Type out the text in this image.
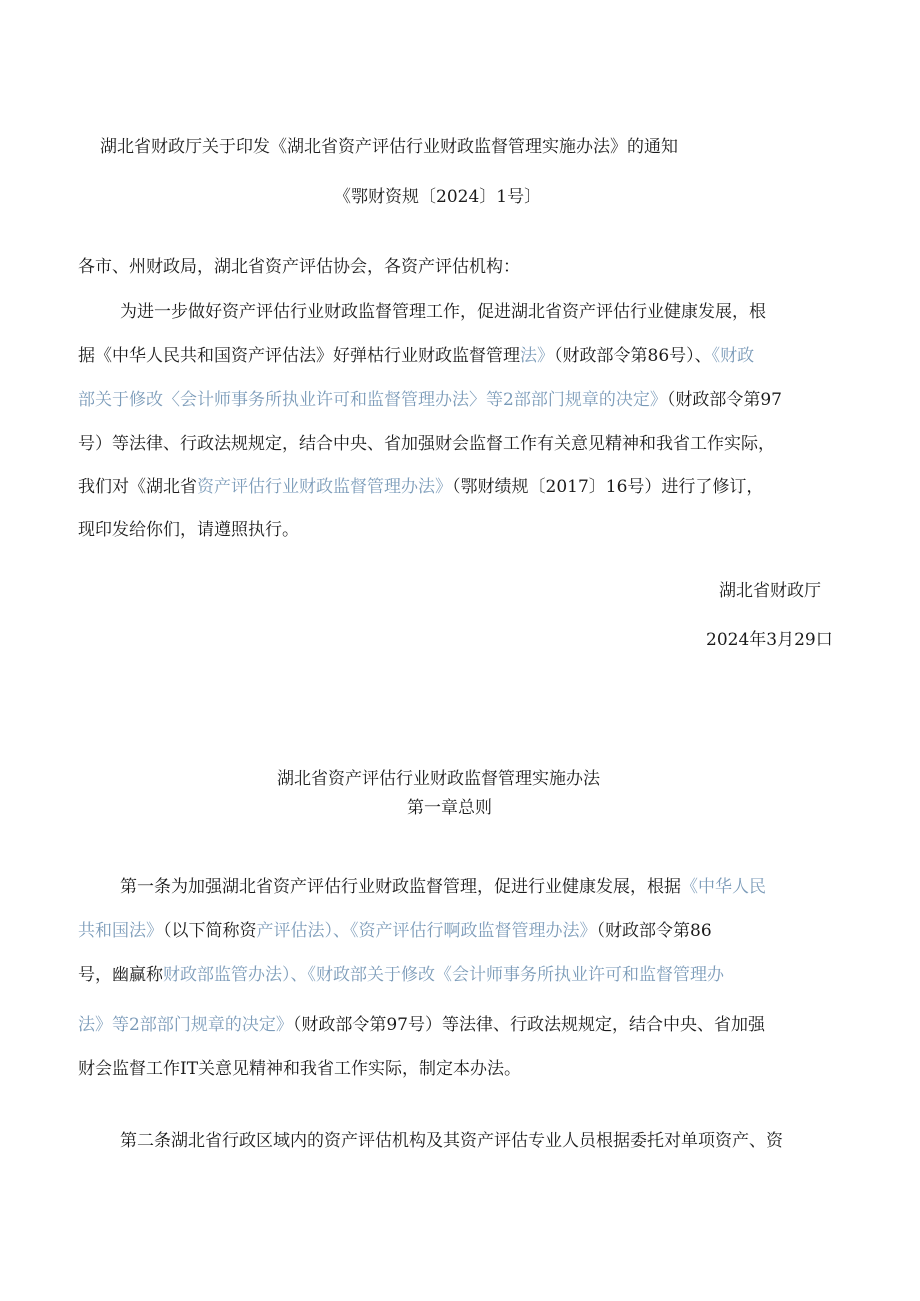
湖北省财政厅关于印发《湖北省资产评估行业财政监督管理实施办法》的通知
《鄂财资规〔2024〕1号〕
各市、州财政局，湖北省资产评估协会，各资产评估机构：
为进一步做好资产评估行业财政监督管理工作，促进湖北省资产评估行业健康发展，根
据《中华人民共和国资产评估法》好弹枯行业财政监督管理法》（财政部令第86号）、《财政
部关于修改〈会计师事务所执业许可和监督管理办法〉等2部部门规章的决定》（财政部令第97
号）等法律、行政法规规定，结合中央、省加强财会监督工作有关意见精神和我省工作实际，
我们对《湖北省资产评估行业财政监督管理办法》（鄂财绩规〔2017〕16号）进行了修订，
现印发给你们，请遵照执行。
湖北省财政厅
2024年3月29口
湖北省资产评估行业财政监督管理实施办法
第一章总则
第一条为加强湖北省资产评估行业财政监督管理，促进行业健康发展，根据《中华人民
共和国法》（以下简称资产评估法）、《资产评估行啊政监督管理办法》（财政部令第86
号，幽赢称财政部监管办法）、《财政部关于修改《会计师事务所执业许可和监督管理办
法》等2部部门规章的决定》（财政部令第97号）等法律、行政法规规定，结合中央、省加强
财会监督工作IT关意见精神和我省工作实际，制定本办法。
第二条湖北省行政区域内的资产评估机构及其资产评估专业人员根据委托对单项资产、资
